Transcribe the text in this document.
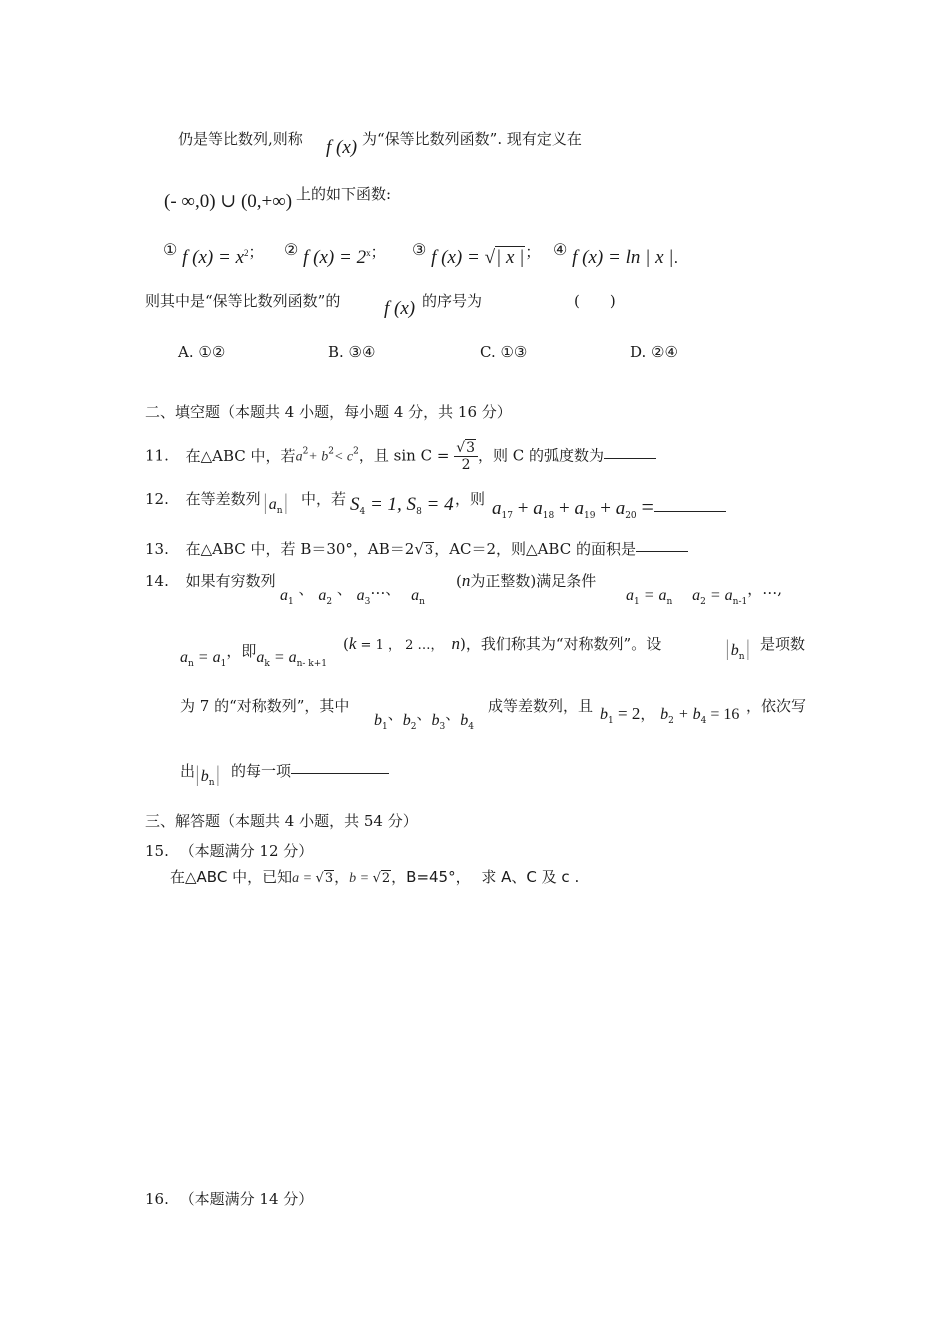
仍是等比数列,则称 f (x) 为“保等比数列函数”. 现有定义在
(- ∞,0) ∪ (0,+∞) 上的如下函数:
① f $(x) = x^2$； ② f $(x) = 2^x$； ③ f (x) = √| x |； ④ f (x) = ln | x |.
则其中是“保等比数列函数”的 f (x) 的序号为	(　　)
A. ①②	B. ③④	C. ①③	D. ②④
二、填空题（本题共 4 小题，每小题 4 分，共 16 分）
11. 在△ABC 中，若$a^2+ b^2< c^2$，且 $\sin C = \frac{√3}{2}$ ，则 C 的弧度数为
12. 在等差数列 $|a_n|$ 中，若 $S_4 = 1$, $S_8 = 4$ ，则 $a_{17} + a_{18} + a_{19} + a_{20}$ =
13. 在△ABC 中，若 B＝30°，AB＝2√3，AC＝2，则△ABC 的面积是
14. 如果有穷数列
$a_1$ 、 $a_2$ 、 $a_3\dots$、 $a_n$
(n为正整数)满足条件
$a_1 = a_n$ $a_2 = a_{n-1}$，…,
$a_n = a_1$，即$a_k = a_{n- k+1}$
(k = 1 ， 2 …， n)，我们称其为“对称数列”。设	$|b_n|$ 是项数
为 7 的“对称数列”，其中
$b_1$、$b_2$、$b_3$、$b_4$
成等差数列，且 $b_1 = 2$， $b_2 + b_4 = 16$ ，依次写
出
$|b_n|$ 的每一项
三、解答题（本题共 4 小题，共 54 分）
15. （本题满分 12 分）
在△ABC 中，已知a = √3，b = √2，B=45°， 求 A、C 及 c .
16. （本题满分 14 分）
